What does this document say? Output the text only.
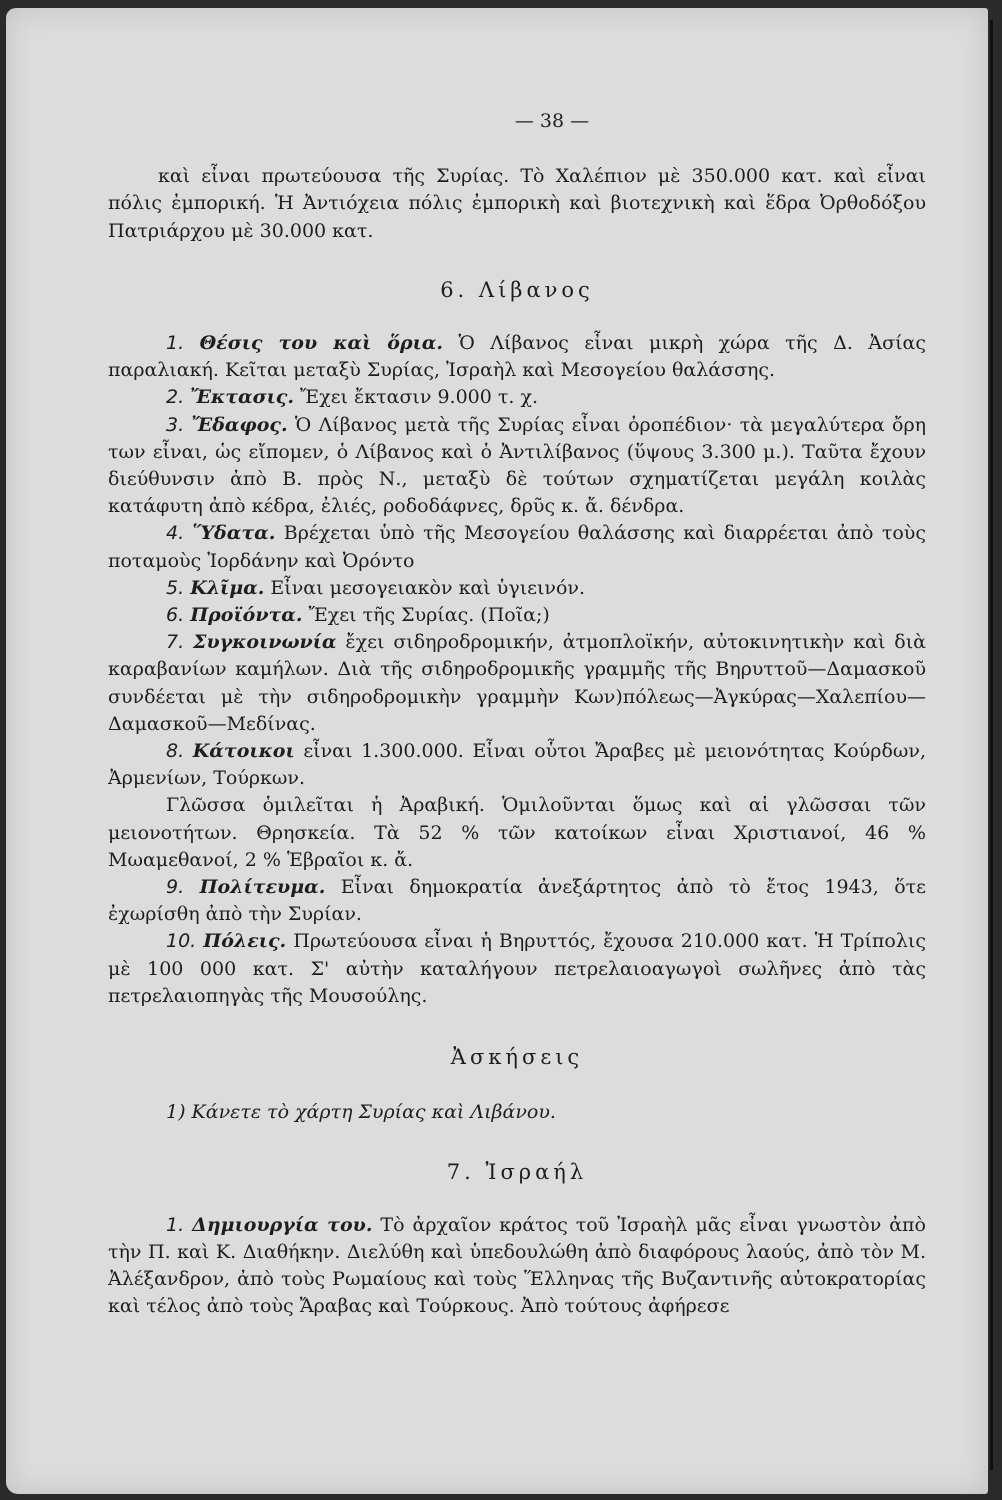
— 38 —

καὶ εἶναι πρωτεύουσα τῆς Συρίας. Τὸ Χαλέπιον μὲ 350.000 κατ. καὶ εἶναι πόλις ἐμπορική. Ἡ Ἀντιόχεια πόλις ἐμπορικὴ καὶ βιοτεχνικὴ καὶ ἕδρα Ὀρθοδόξου Πατριάρχου μὲ 30.000 κατ.

6. Λίβανος

1. Θέσις του καὶ ὅρια. Ὁ Λίβανος εἶναι μικρὴ χώρα τῆς Δ. Ἀσίας παραλιακή. Κεῖται μεταξὺ Συρίας, Ἰσραὴλ καὶ Μεσογείου θαλάσσης.

2. Ἔκτασις. Ἔχει ἔκτασιν 9.000 τ. χ.

3. Ἔδαφος. Ὁ Λίβανος μετὰ τῆς Συρίας εἶναι ὀροπέδιον· τὰ μεγαλύτερα ὄρη των εἶναι, ὡς εἴπομεν, ὁ Λίβανος καὶ ὁ Ἀντιλίβανος (ὕψους 3.300 μ.). Ταῦτα ἔχουν διεύθυνσιν ἀπὸ Β. πρὸς Ν., μεταξὺ δὲ τούτων σχηματίζεται μεγάλη κοιλὰς κατάφυτη ἀπὸ κέδρα, ἐλιές, ροδοδάφνες, δρῦς κ. ἄ. δένδρα.

4. Ὕδατα. Βρέχεται ὑπὸ τῆς Μεσογείου θαλάσσης καὶ διαρρέεται ἀπὸ τοὺς ποταμοὺς Ἰορδάνην καὶ Ὀρόντο

5. Κλῖμα. Εἶναι μεσογειακὸν καὶ ὑγιεινόν.

6. Προϊόντα. Ἔχει τῆς Συρίας. (Ποῖα;)

7. Συγκοινωνία ἔχει σιδηροδρομικήν, ἀτμοπλοϊκήν, αὐτοκινητικὴν καὶ διὰ καραβανίων καμήλων. Διὰ τῆς σιδηροδρομικῆς γραμμῆς τῆς Βηρυττοῦ—Δαμασκοῦ συνδέεται μὲ τὴν σιδηροδρομικὴν γραμμὴν Κων)πόλεως—Ἀγκύρας—Χαλεπίου—Δαμασκοῦ—Μεδίνας.

8. Κάτοικοι εἶναι 1.300.000. Εἶναι οὗτοι Ἄραβες μὲ μειονότητας Κούρδων, Ἀρμενίων, Τούρκων.

Γλῶσσα ὁμιλεῖται ἡ Ἀραβική. Ὁμιλοῦνται ὅμως καὶ αἱ γλῶσσαι τῶν μειονοτήτων. Θρησκεία. Τὰ 52 % τῶν κατοίκων εἶναι Χριστιανοί, 46 % Μωαμεθανοί, 2 % Ἑβραῖοι κ. ἄ.

9. Πολίτευμα. Εἶναι δημοκρατία ἀνεξάρτητος ἀπὸ τὸ ἔτος 1943, ὅτε ἐχωρίσθη ἀπὸ τὴν Συρίαν.

10. Πόλεις. Πρωτεύουσα εἶναι ἡ Βηρυττός, ἔχουσα 210.000 κατ. Ἡ Τρίπολις μὲ 100 000 κατ. Σ' αὐτὴν καταλήγουν πετρελαιοαγωγοὶ σωλῆνες ἀπὸ τὰς πετρελαιοπηγὰς τῆς Μουσούλης.

Ἀσκήσεις

1) Κάνετε τὸ χάρτη Συρίας καὶ Λιβάνου.

7. Ἰσραήλ

1. Δημιουργία του. Τὸ ἀρχαῖον κράτος τοῦ Ἰσραὴλ μᾶς εἶναι γνωστὸν ἀπὸ τὴν Π. καὶ Κ. Διαθήκην. Διελύθη καὶ ὑπεδουλώθη ἀπὸ διαφόρους λαούς, ἀπὸ τὸν Μ. Ἀλέξανδρον, ἀπὸ τοὺς Ρωμαίους καὶ τοὺς Ἕλληνας τῆς Βυζαντινῆς αὐτοκρατορίας καὶ τέλος ἀπὸ τοὺς Ἄραβας καὶ Τούρκους. Ἀπὸ τούτους ἀφήρεσε
